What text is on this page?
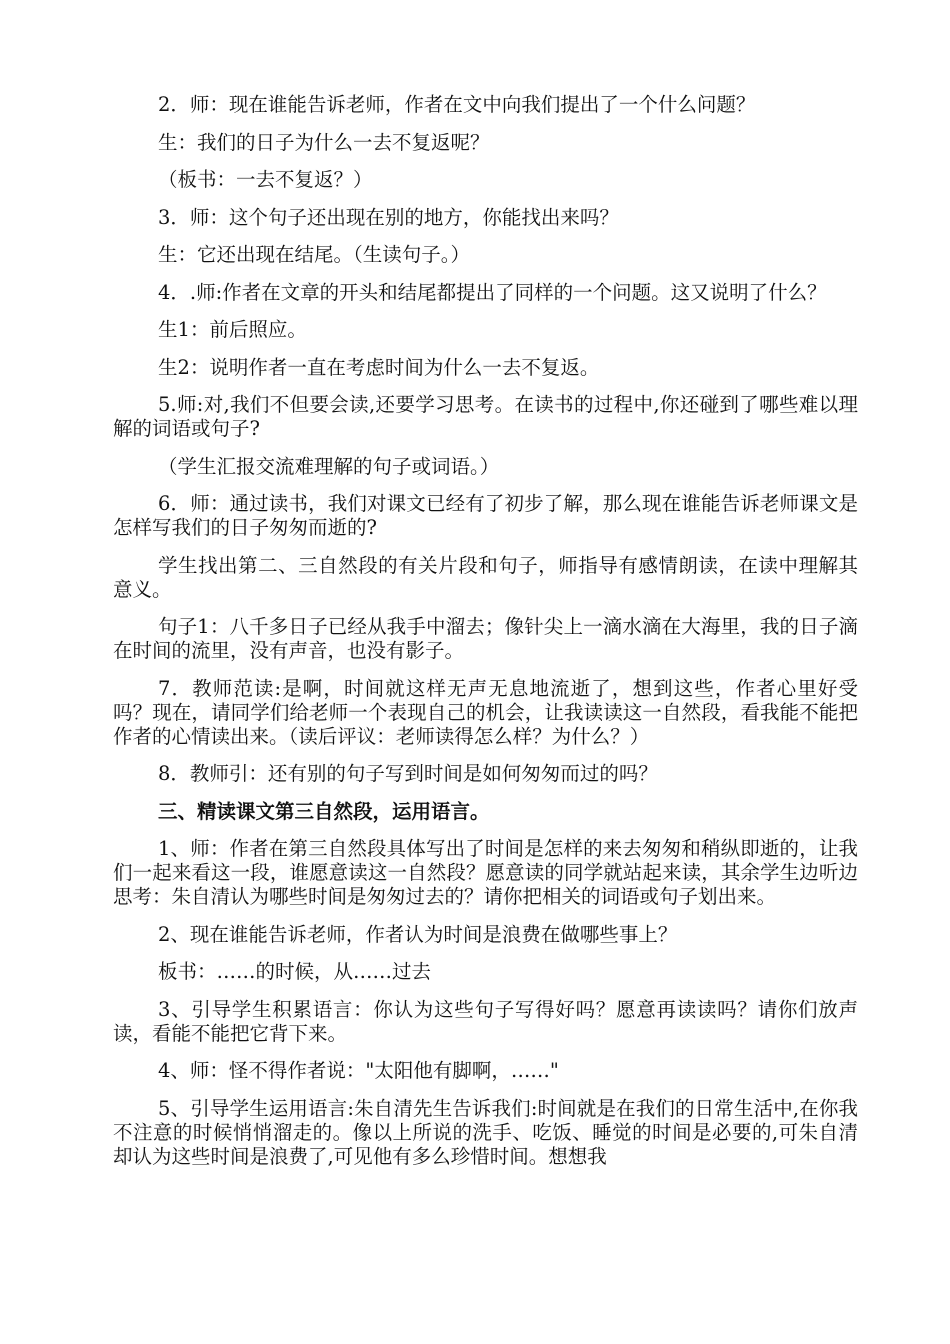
2．师：现在谁能告诉老师，作者在文中向我们提出了一个什么问题？

生：我们的日子为什么一去不复返呢？

（板书：一去不复返？）

3．师：这个句子还出现在别的地方，你能找出来吗？

生：它还出现在结尾。（生读句子。）

4．.师:作者在文章的开头和结尾都提出了同样的一个问题。这又说明了什么？

生1：前后照应。

生2：说明作者一直在考虑时间为什么一去不复返。

5.师:对,我们不但要会读,还要学习思考。在读书的过程中,你还碰到了哪些难以理解的词语或句子?

（学生汇报交流难理解的句子或词语。）

6．师：通过读书，我们对课文已经有了初步了解，那么现在谁能告诉老师课文是怎样写我们的日子匆匆而逝的?

学生找出第二、三自然段的有关片段和句子，师指导有感情朗读，在读中理解其意义。

句子1：八千多日子已经从我手中溜去；像针尖上一滴水滴在大海里，我的日子滴在时间的流里，没有声音，也没有影子。

7．教师范读:是啊，时间就这样无声无息地流逝了，想到这些，作者心里好受吗？现在，请同学们给老师一个表现自己的机会，让我读读这一自然段，看我能不能把作者的心情读出来。（读后评议：老师读得怎么样？为什么？）

8．教师引：还有别的句子写到时间是如何匆匆而过的吗？

三、精读课文第三自然段，运用语言。

1、师：作者在第三自然段具体写出了时间是怎样的来去匆匆和稍纵即逝的，让我们一起来看这一段，谁愿意读这一自然段？愿意读的同学就站起来读，其余学生边听边思考：朱自清认为哪些时间是匆匆过去的？请你把相关的词语或句子划出来。

2、现在谁能告诉老师，作者认为时间是浪费在做哪些事上？

板书：……的时候，从……过去

3、引导学生积累语言：你认为这些句子写得好吗？愿意再读读吗？请你们放声读，看能不能把它背下来。

4、师：怪不得作者说："太阳他有脚啊，……"

5、引导学生运用语言:朱自清先生告诉我们:时间就是在我们的日常生活中,在你我不注意的时候悄悄溜走的。像以上所说的洗手、吃饭、睡觉的时间是必要的,可朱自清却认为这些时间是浪费了,可见他有多么珍惜时间。想想我
